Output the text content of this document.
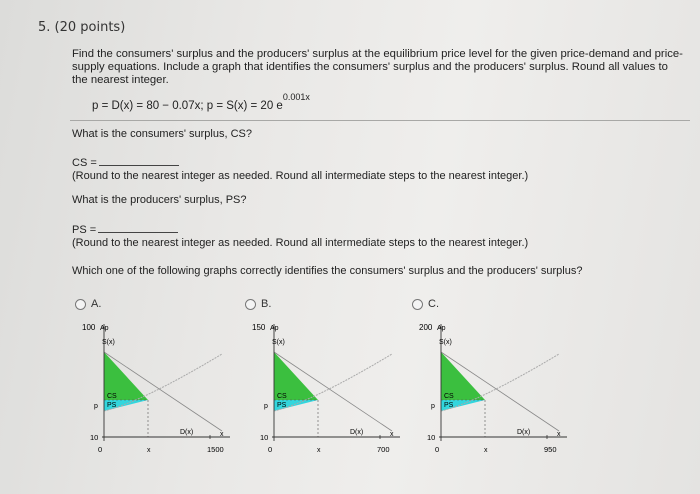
5. (20 points)
Find the consumers' surplus and the producers' surplus at the equilibrium price level for the given price-demand and price-supply equations. Include a graph that identifies the consumers' surplus and the producers' surplus. Round all values to the nearest integer.
p = D(x) = 80 − 0.07x; p = S(x) = 20 $e^{0.001x}$
What is the consumers' surplus, CS?
CS =
(Round to the nearest integer as needed. Round all intermediate steps to the nearest integer.)
What is the producers' surplus, PS?
PS =
(Round to the nearest integer as needed. Round all intermediate steps to the nearest integer.)
Which one of the following graphs correctly identifies the consumers' surplus and the producers' surplus?
A.
Ap
100
S(x)
p
CS
PS
D(x)
10
0	x
x
1500
B.
Ap
150
S(x)
p
CS
PS
D(x)
10
0	x
x
700
C.
Ap
200
S(x)
p
CS
PS
D(x)
10
0	x
x
950
